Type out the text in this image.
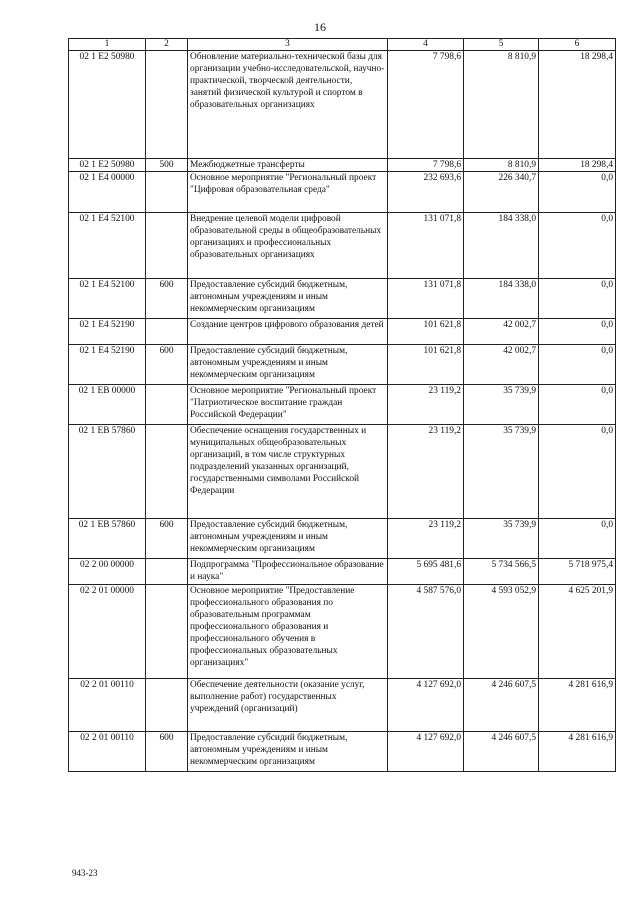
16
1	2	3	4	5	6
02 1 E2 50980		Обновление материально-технической базы для организации учебно-исследовательской, научно-практической, творческой деятельности, занятий физической культурой и спортом в образовательных организациях	7 798,6	8 810,9	18 298,4
02 1 E2 50980	500	Межбюджетные трансферты	7 798,6	8 810,9	18 298,4
02 1 E4 00000		Основное мероприятие "Региональный проект "Цифровая образовательная среда"	232 693,6	226 340,7	0,0
02 1 E4 52100		Внедрение целевой модели цифровой образовательной среды в общеобразовательных организациях и профессиональных образовательных организациях	131 071,8	184 338,0	0,0
02 1 E4 52100	600	Предоставление субсидий бюджетным, автономным учреждениям и иным некоммерческим организациям	131 071,8	184 338,0	0,0
02 1 E4 52190		Создание центров цифрового образования детей	101 621,8	42 002,7	0,0
02 1 E4 52190	600	Предоставление субсидий бюджетным, автономным учреждениям и иным некоммерческим организациям	101 621,8	42 002,7	0,0
02 1 EB 00000		Основное мероприятие "Региональный проект "Патриотическое воспитание граждан Российской Федерации"	23 119,2	35 739,9	0,0
02 1 EB 57860		Обеспечение оснащения государственных и муниципальных общеобразовательных организаций, в том числе структурных подразделений указанных организаций, государственными символами Российской Федерации	23 119,2	35 739,9	0,0
02 1 EB 57860	600	Предоставление субсидий бюджетным, автономным учреждениям и иным некоммерческим организациям	23 119,2	35 739,9	0,0
02 2 00 00000		Подпрограмма "Профессиональное образование и наука"	5 695 481,6	5 734 566,5	5 718 975,4
02 2 01 00000		Основное мероприятие "Предоставление профессионального образования по образовательным программам профессионального образования и профессионального обучения в профессиональных образовательных организациях"	4 587 576,0	4 593 052,9	4 625 201,9
02 2 01 00110		Обеспечение деятельности (оказание услуг, выполнение работ) государственных учреждений (организаций)	4 127 692,0	4 246 607,5	4 281 616,9
02 2 01 00110	600	Предоставление субсидий бюджетным, автономным учреждениям и иным некоммерческим организациям	4 127 692,0	4 246 607,5	4 281 616,9
943-23
